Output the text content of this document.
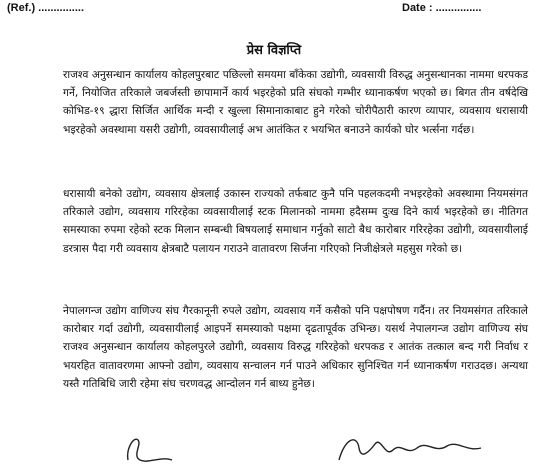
(Ref.) ...............	Date : ...............
प्रेस विज्ञप्ति
राजश्व अनुसन्धान कार्यालय कोहलपुरबाट पछिल्लो समयमा बाँकेका उद्योगी, व्यवसायी विरुद्ध अनुसन्धानका नाममा धरपकड गर्ने, नियोजित तरिकाले जबर्जस्ती छापामार्ने कार्य भइरहेको प्रति संघको गम्भीर ध्यानाकर्षण भएको छ। बिगत तीन वर्षदेखि कोभिड-१९ द्धारा सिर्जित आर्थिक मन्दी र खुल्ला सिमानाकाबाट हुने गरेको चोरीपैठारी कारण व्यापार, व्यवसाय धरासायी भइरहेको अवस्थामा यसरी उद्योगी, व्यवसायीलाई अभ आतंकित र भयभित बनाउने कार्यको घोर भर्त्सना गर्दछ।
धरासायी बनेको उद्योग, व्यवसाय क्षेत्रलाई उकास्न राज्यको तर्फबाट कुनै पनि पहलकदमी नभइरहेको अवस्थामा नियमसंगत तरिकाले उद्योग, व्यवसाय गरिरहेका व्यवसायीलाई स्टक मिलानको नाममा हदैसम्म दुःख दिने कार्य भइरहेको छ। नीतिगत समस्याका रुपमा रहेको स्टक मिलान सम्बन्धी बिषयलाई समाधान गर्नुको साटो बैध कारोबार गरिरहेका उद्योगी, व्यवसायीलाई डरत्रास पैदा गरी व्यवसाय क्षेत्रबाटै पलायन गराउने वातावरण सिर्जना गरिएको निजीक्षेत्रले महसुस गरेको छ।
नेपालगन्ज उद्योग वाणिज्य संघ गैरकानूनी रुपले उद्योग, व्यवसाय गर्ने कसैको पनि पक्षपोषण गर्दैन। तर नियमसंगत तरिकाले कारोबार गर्दा उद्योगी, व्यवसायीलाई आइपर्ने समस्याको पक्षमा दृढतापूर्वक उभिन्छ। यसर्थ नेपालगन्ज उद्योग वाणिज्य संघ राजश्व अनुसन्धान कार्यालय कोहलपुरले उद्योगी, व्यवसाय विरुद्ध गरिरहेको धरपकड र आतंक तत्काल बन्द गरी निर्वाध र भयरहित वातावरणमा आफ्नो उद्योग, व्यवसाय सन्चालन गर्न पाउने अधिकार सुनिश्चित गर्न ध्यानाकर्षण गराउदछ। अन्यथा यस्तै गतिबिधि जारी रहेमा संघ चरणवद्ध आन्दोलन गर्न बाध्य हुनेछ।
